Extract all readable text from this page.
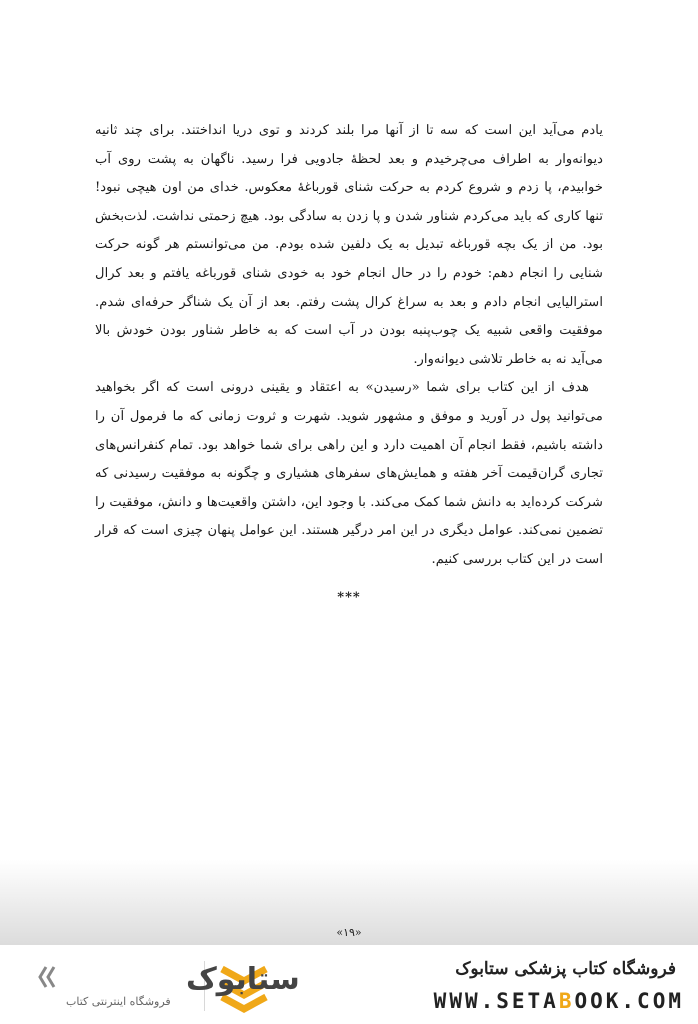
یادم می‌آید این است که سه تا از آنها مرا بلند کردند و توی دریا انداختند. برای چند ثانیه دیوانه‌وار به اطراف می‌چرخیدم و بعد لحظهٔ جادویی فرا رسید. ناگهان به پشت روی آب خوابیدم، پا زدم و شروع کردم به حرکت شنای قورباغهٔ معکوس. خدای من اون هیچی نبود! تنها کاری که باید می‌کردم شناور شدن و پا زدن به سادگی بود. هیچ زحمتی نداشت. لذت‌بخش بود. من از یک بچه قورباغه تبدیل به یک دلفین شده بودم. من می‌توانستم هر گونه حرکت شنایی را انجام دهم: خودم را در حال انجام خود به خودی شنای قورباغه یافتم و بعد کرال استرالیایی انجام دادم و بعد به سراغ کرال پشت رفتم. بعد از آن یک شناگر حرفه‌ای شدم. موفقیت واقعی شبیه یک چوب‌پنبه بودن در آب است که به خاطر شناور بودن خودش بالا می‌آید نه به خاطر تلاشی دیوانه‌وار.

هدف از این کتاب برای شما «رسیدن» به اعتقاد و یقینی درونی است که اگر بخواهید می‌توانید پول در آورید و موفق و مشهور شوید. شهرت و ثروت زمانی که ما فرمول آن را داشته باشیم، فقط انجام آن اهمیت دارد و این راهی برای شما خواهد بود. تمام کنفرانس‌های تجاری گران‌قیمت آخر هفته و همایش‌های سفرهای هشیاری و چگونه به موفقیت رسیدنی که شرکت کرده‌اید به دانش شما کمک می‌کند. با وجود این، داشتن واقعیت‌ها و دانش، موفقیت را تضمین نمی‌کند. عوامل دیگری در این امر درگیر هستند. این عوامل پنهان چیزی است که قرار است در این کتاب بررسی کنیم.

***
«۱۹»
فروشگاه کتاب پزشکی ستابوک
WWW.SETABOOK.COM
ستابوک
فروشگاه اینترنتی کتاب
